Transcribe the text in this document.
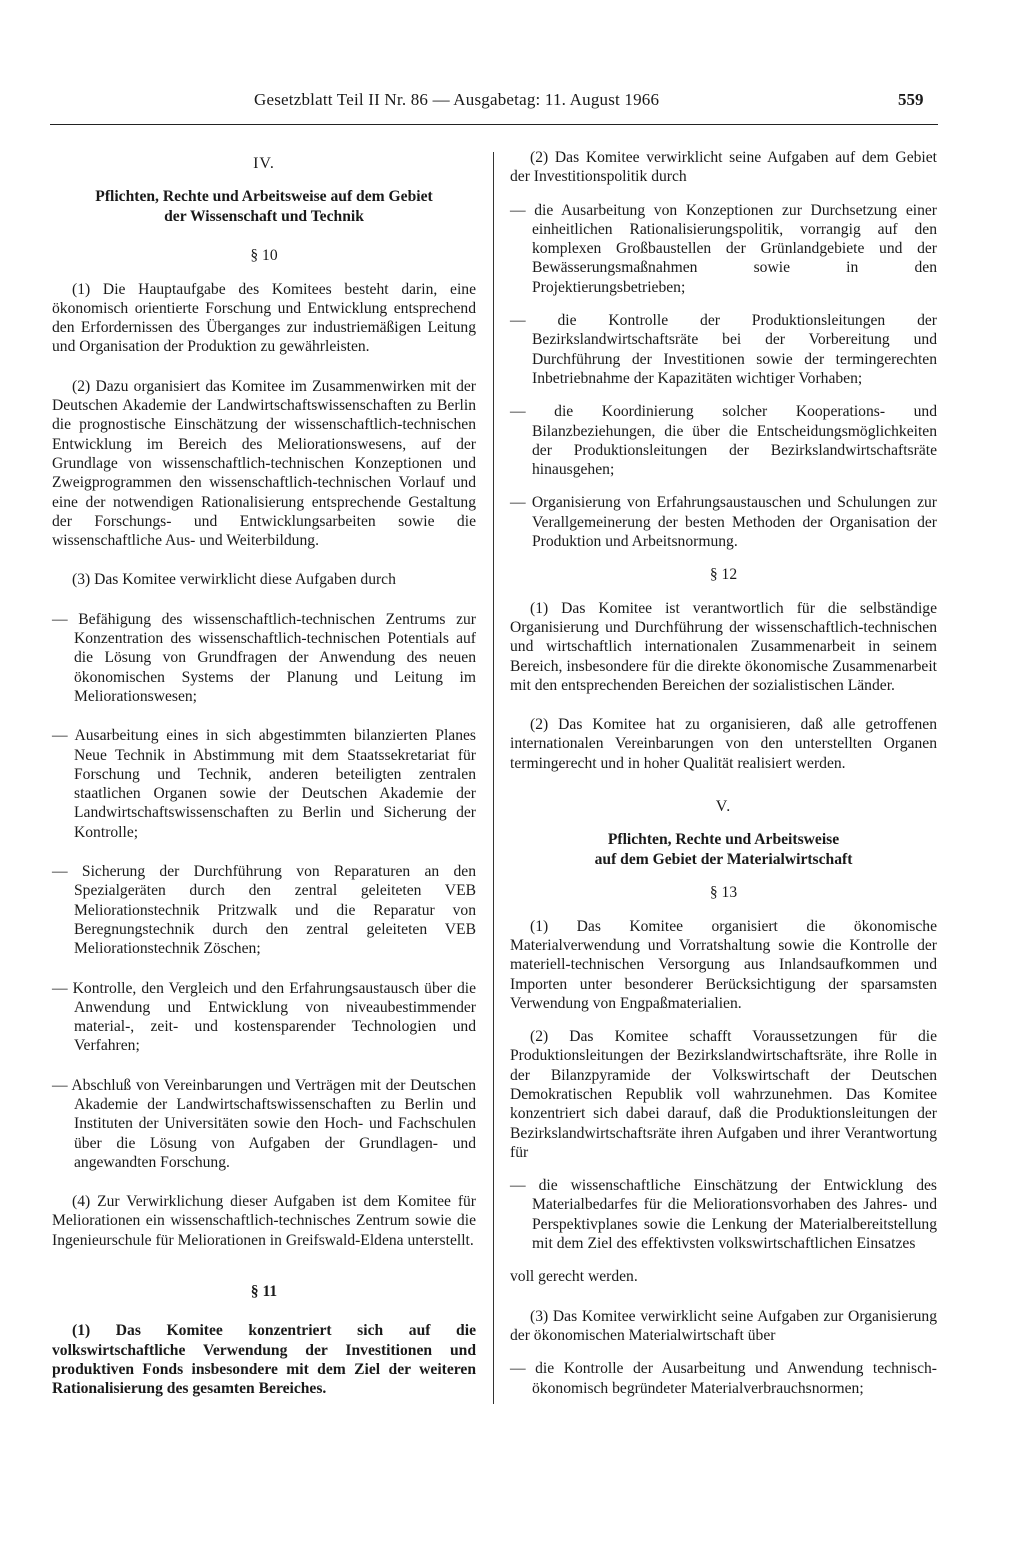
Gesetzblatt Teil II Nr. 86 — Ausgabetag: 11. August 1966	559

IV.

Pflichten, Rechte und Arbeitsweise auf dem Gebiet

der Wissenschaft und Technik

§ 10

(1) Die Hauptaufgabe des Komitees besteht darin, eine ökonomisch orientierte Forschung und Entwicklung entsprechend den Erfordernissen des Überganges zur industriemäßigen Leitung und Organisation der Produktion zu gewährleisten.

(2) Dazu organisiert das Komitee im Zusammenwirken mit der Deutschen Akademie der Landwirtschaftswissenschaften zu Berlin die prognostische Einschätzung der wissenschaftlich-technischen Entwicklung im Bereich des Meliorationswesens, auf der Grundlage von wissenschaftlich-technischen Konzeptionen und Zweigprogrammen den wissenschaftlich-technischen Vorlauf und eine der notwendigen Rationalisierung entsprechende Gestaltung der Forschungs- und Entwicklungsarbeiten sowie die wissenschaftliche Aus- und Weiterbildung.

(3) Das Komitee verwirklicht diese Aufgaben durch

— Befähigung des wissenschaftlich-technischen Zentrums zur Konzentration des wissenschaftlich-technischen Potentials auf die Lösung von Grundfragen der Anwendung des neuen ökonomischen Systems der Planung und Leitung im Meliorationswesen;

— Ausarbeitung eines in sich abgestimmten bilanzierten Planes Neue Technik in Abstimmung mit dem Staatssekretariat für Forschung und Technik, anderen beteiligten zentralen staatlichen Organen sowie der Deutschen Akademie der Landwirtschaftswissenschaften zu Berlin und Sicherung der Kontrolle;

— Sicherung der Durchführung von Reparaturen an den Spezialgeräten durch den zentral geleiteten VEB Meliorationstechnik Pritzwalk und die Reparatur von Beregnungstechnik durch den zentral geleiteten VEB Meliorationstechnik Zöschen;

— Kontrolle, den Vergleich und den Erfahrungsaustausch über die Anwendung und Entwicklung von niveaubestimmender material-, zeit- und kostensparender Technologien und Verfahren;

— Abschluß von Vereinbarungen und Verträgen mit der Deutschen Akademie der Landwirtschaftswissenschaften zu Berlin und Instituten der Universitäten sowie den Hoch- und Fachschulen über die Lösung von Aufgaben der Grundlagen- und angewandten Forschung.

(4) Zur Verwirklichung dieser Aufgaben ist dem Komitee für Meliorationen ein wissenschaftlich-technisches Zentrum sowie die Ingenieurschule für Meliorationen in Greifswald-Eldena unterstellt.

§ 11

(1) Das Komitee konzentriert sich auf die volkswirtschaftliche Verwendung der Investitionen und produktiven Fonds insbesondere mit dem Ziel der weiteren Rationalisierung des gesamten Bereiches.

(2) Das Komitee verwirklicht seine Aufgaben auf dem Gebiet der Investitionspolitik durch

— die Ausarbeitung von Konzeptionen zur Durchsetzung einer einheitlichen Rationalisierungspolitik, vorrangig auf den komplexen Großbaustellen der Grünlandgebiete und der Bewässerungsmaßnahmen sowie in den Projektierungsbetrieben;

— die Kontrolle der Produktionsleitungen der Bezirkslandwirtschaftsräte bei der Vorbereitung und Durchführung der Investitionen sowie der termingerechten Inbetriebnahme der Kapazitäten wichtiger Vorhaben;

— die Koordinierung solcher Kooperations- und Bilanzbeziehungen, die über die Entscheidungsmöglichkeiten der Produktionsleitungen der Bezirkslandwirtschaftsräte hinausgehen;

— Organisierung von Erfahrungsaustauschen und Schulungen zur Verallgemeinerung der besten Methoden der Organisation der Produktion und Arbeitsnormung.

§ 12

(1) Das Komitee ist verantwortlich für die selbständige Organisierung und Durchführung der wissenschaftlich-technischen und wirtschaftlich internationalen Zusammenarbeit in seinem Bereich, insbesondere für die direkte ökonomische Zusammenarbeit mit den entsprechenden Bereichen der sozialistischen Länder.

(2) Das Komitee hat zu organisieren, daß alle getroffenen internationalen Vereinbarungen von den unterstellten Organen termingerecht und in hoher Qualität realisiert werden.

V.

Pflichten, Rechte und Arbeitsweise

auf dem Gebiet der Materialwirtschaft

§ 13

(1) Das Komitee organisiert die ökonomische Materialverwendung und Vorratshaltung sowie die Kontrolle der materiell-technischen Versorgung aus Inlandsaufkommen und Importen unter besonderer Berücksichtigung der sparsamsten Verwendung von Engpaßmaterialien.

(2) Das Komitee schafft Voraussetzungen für die Produktionsleitungen der Bezirkslandwirtschaftsräte, ihre Rolle in der Bilanzpyramide der Volkswirtschaft der Deutschen Demokratischen Republik voll wahrzunehmen. Das Komitee konzentriert sich dabei darauf, daß die Produktionsleitungen der Bezirkslandwirtschaftsräte ihren Aufgaben und ihrer Verantwortung für

— die wissenschaftliche Einschätzung der Entwicklung des Materialbedarfes für die Meliorationsvorhaben des Jahres- und Perspektivplanes sowie die Lenkung der Materialbereitstellung mit dem Ziel des effektivsten volkswirtschaftlichen Einsatzes

voll gerecht werden.

(3) Das Komitee verwirklicht seine Aufgaben zur Organisierung der ökonomischen Materialwirtschaft über

— die Kontrolle der Ausarbeitung und Anwendung technisch-ökonomisch begründeter Materialverbrauchsnormen;
